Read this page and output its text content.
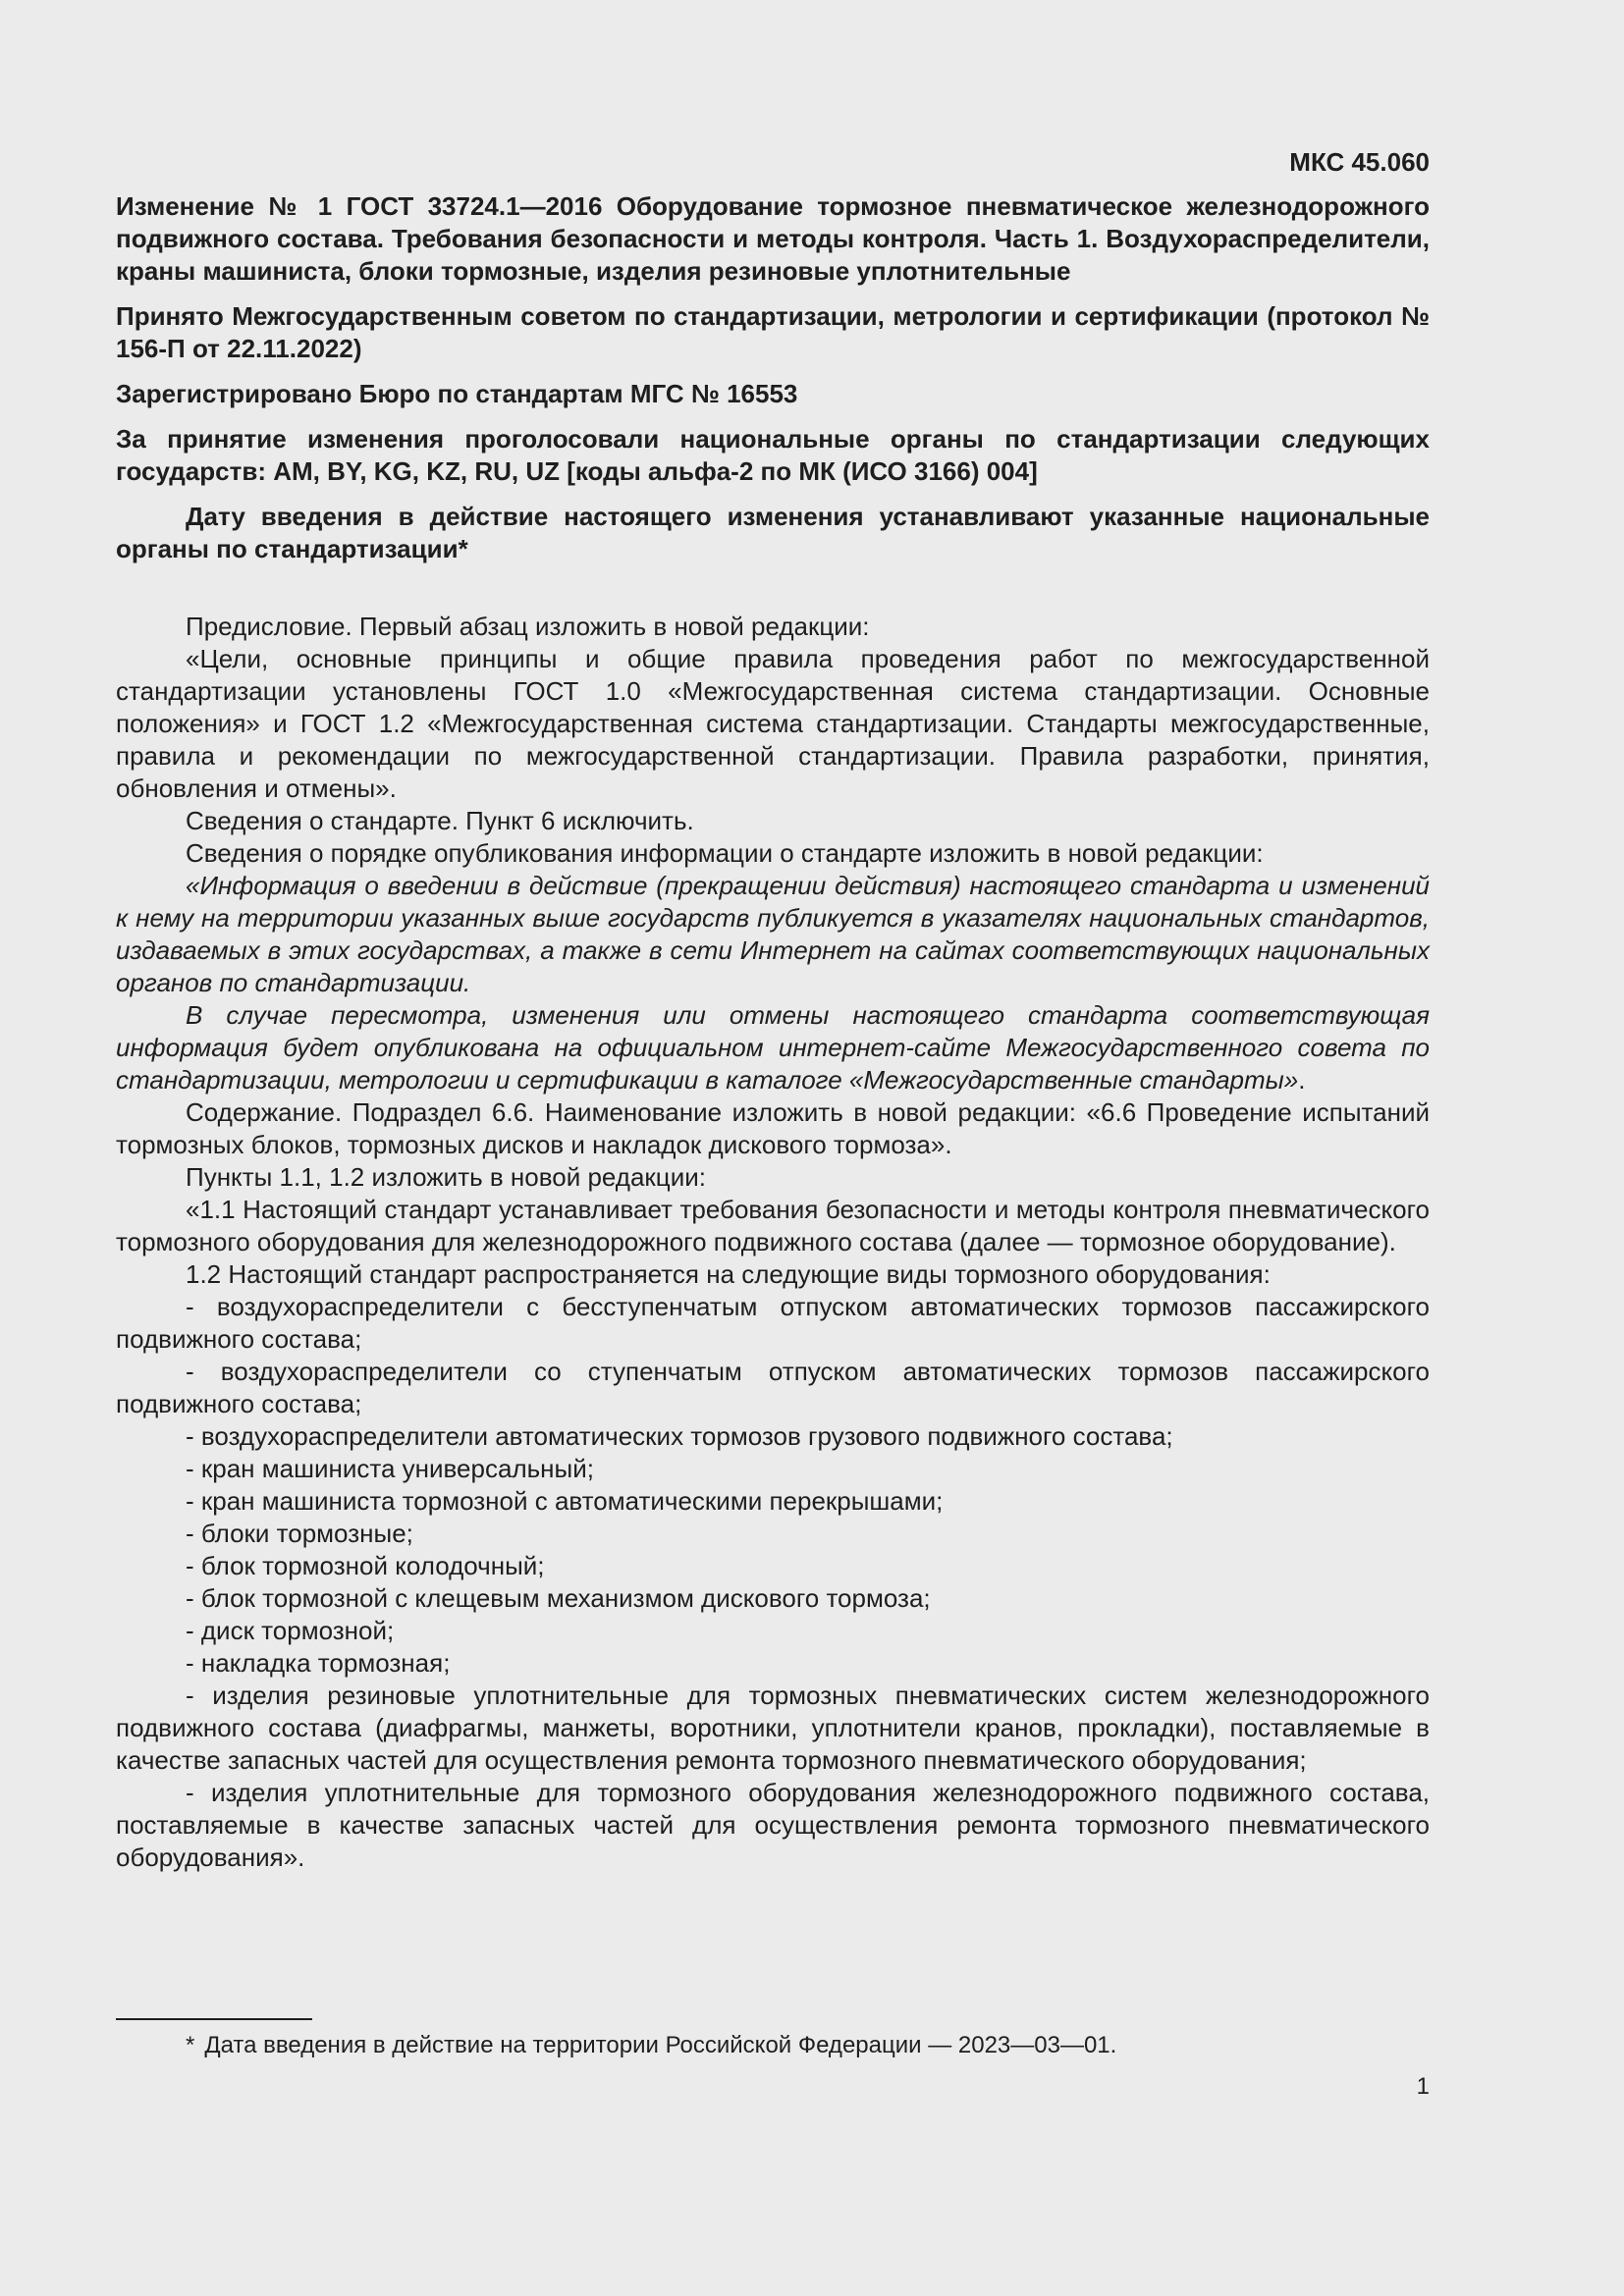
МКС 45.060
Изменение № 1 ГОСТ 33724.1—2016 Оборудование тормозное пневматическое железнодорожного подвижного состава. Требования безопасности и методы контроля. Часть 1. Воздухораспределители, краны машиниста, блоки тормозные, изделия резиновые уплотнительные
Принято Межгосударственным советом по стандартизации, метрологии и сертификации (протокол № 156-П от 22.11.2022)
Зарегистрировано Бюро по стандартам МГС № 16553
За принятие изменения проголосовали национальные органы по стандартизации следующих государств: AM, BY, KG, KZ, RU, UZ [коды альфа-2 по МК (ИСО 3166) 004]
Дату введения в действие настоящего изменения устанавливают указанные национальные органы по стандартизации*

Предисловие. Первый абзац изложить в новой редакции:

«Цели, основные принципы и общие правила проведения работ по межгосударственной стандартизации установлены ГОСТ 1.0 «Межгосударственная система стандартизации. Основные положения» и ГОСТ 1.2 «Межгосударственная система стандартизации. Стандарты межгосударственные, правила и рекомендации по межгосударственной стандартизации. Правила разработки, принятия, обновления и отмены».

Сведения о стандарте. Пункт 6 исключить.

Сведения о порядке опубликования информации о стандарте изложить в новой редакции:

«Информация о введении в действие (прекращении действия) настоящего стандарта и изменений к нему на территории указанных выше государств публикуется в указателях национальных стандартов, издаваемых в этих государствах, а также в сети Интернет на сайтах соответствующих национальных органов по стандартизации.

В случае пересмотра, изменения или отмены настоящего стандарта соответствующая информация будет опубликована на официальном интернет-сайте Межгосударственного совета по стандартизации, метрологии и сертификации в каталоге «Межгосударственные стандарты».

Содержание. Подраздел 6.6. Наименование изложить в новой редакции: «6.6 Проведение испытаний тормозных блоков, тормозных дисков и накладок дискового тормоза».

Пункты 1.1, 1.2 изложить в новой редакции:

«1.1 Настоящий стандарт устанавливает требования безопасности и методы контроля пневматического тормозного оборудования для железнодорожного подвижного состава (далее — тормозное оборудование).

1.2 Настоящий стандарт распространяется на следующие виды тормозного оборудования:

- воздухораспределители с бесступенчатым отпуском автоматических тормозов пассажирского подвижного состава;

- воздухораспределители со ступенчатым отпуском автоматических тормозов пассажирского подвижного состава;

- воздухораспределители автоматических тормозов грузового подвижного состава;

- кран машиниста универсальный;

- кран машиниста тормозной с автоматическими перекрышами;

- блоки тормозные;

- блок тормозной колодочный;

- блок тормозной с клещевым механизмом дискового тормоза;

- диск тормозной;

- накладка тормозная;

- изделия резиновые уплотнительные для тормозных пневматических систем железнодорожного подвижного состава (диафрагмы, манжеты, воротники, уплотнители кранов, прокладки), поставляемые в качестве запасных частей для осуществления ремонта тормозного пневматического оборудования;

- изделия уплотнительные для тормозного оборудования железнодорожного подвижного состава, поставляемые в качестве запасных частей для осуществления ремонта тормозного пневматического оборудования».

* Дата введения в действие на территории Российской Федерации — 2023—03—01.
1
